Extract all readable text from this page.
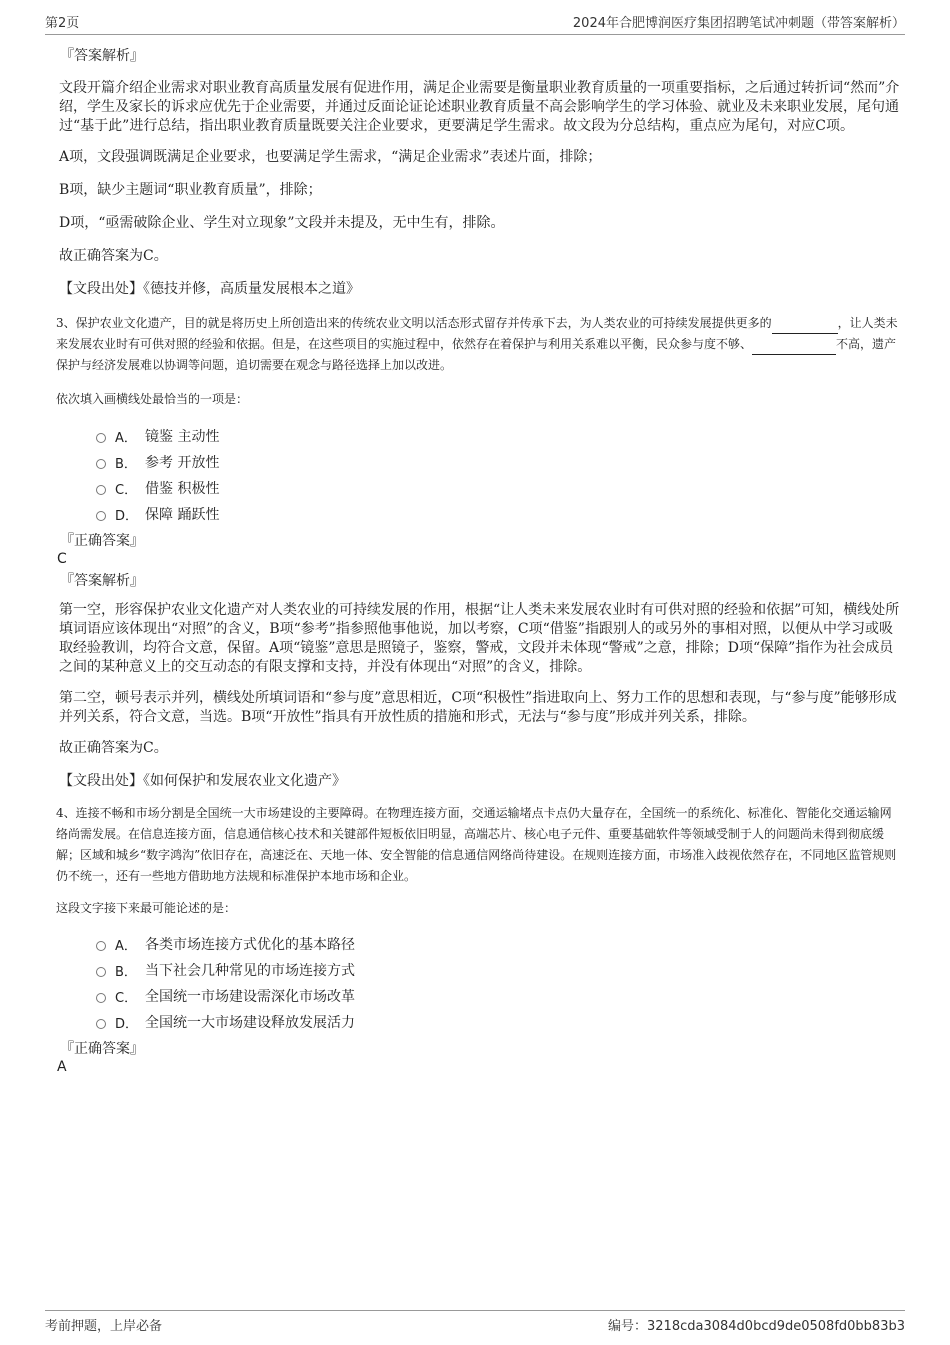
第2页	2024年合肥博润医疗集团招聘笔试冲刺题（带答案解析）
『答案解析』

文段开篇介绍企业需求对职业教育高质量发展有促进作用，满足企业需要是衡量职业教育质量的一项重要指标，之后通过转折词“然而”介绍，学生及家长的诉求应优先于企业需要，并通过反面论证论述职业教育质量不高会影响学生的学习体验、就业及未来职业发展，尾句通过“基于此”进行总结，指出职业教育质量既要关注企业要求，更要满足学生需求。故文段为分总结构，重点应为尾句，对应C项。

A项，文段强调既满足企业要求，也要满足学生需求，“满足企业需求”表述片面，排除；

B项，缺少主题词“职业教育质量”，排除；

D项，“亟需破除企业、学生对立现象”文段并未提及，无中生有，排除。

故正确答案为C。

【文段出处】《德技并修，高质量发展根本之道》

3、保护农业文化遗产，目的就是将历史上所创造出来的传统农业文明以活态形式留存并传承下去，为人类农业的可持续发展提供更多的	，让人类未来发展农业时有可供对照的经验和依据。但是，在这些项目的实施过程中，依然存在着保护与利用关系难以平衡，民众参与度不够、	不高，遗产保护与经济发展难以协调等问题，追切需要在观念与路径选择上加以改进。

依次填入画横线处最恰当的一项是：

A． 镜鉴 主动性
B． 参考 开放性
C． 借鉴 积极性
D． 保障 踊跃性
『正确答案』
C
『答案解析』

第一空，形容保护农业文化遗产对人类农业的可持续发展的作用，根据“让人类未来发展农业时有可供对照的经验和依据”可知，横线处所填词语应该体现出“对照”的含义，B项“参考”指参照他事他说，加以考察，C项“借鉴”指跟别人的或另外的事相对照，以便从中学习或吸取经验教训，均符合文意，保留。A项“镜鉴”意思是照镜子，鉴察，警戒，文段并未体现“警戒”之意，排除；D项“保障”指作为社会成员之间的某种意义上的交互动态的有限支撑和支持，并没有体现出“对照”的含义，排除。

第二空，顿号表示并列，横线处所填词语和“参与度”意思相近，C项“积极性”指进取向上、努力工作的思想和表现，与“参与度”能够形成并列关系，符合文意，当选。B项“开放性”指具有开放性质的措施和形式，无法与“参与度”形成并列关系，排除。

故正确答案为C。

【文段出处】《如何保护和发展农业文化遗产》

4、连接不畅和市场分割是全国统一大市场建设的主要障碍。在物理连接方面，交通运输堵点卡点仍大量存在，全国统一的系统化、标准化、智能化交通运输网络尚需发展。在信息连接方面，信息通信核心技术和关键部件短板依旧明显，高端芯片、核心电子元件、重要基础软件等领域受制于人的问题尚未得到彻底缓解；区域和城乡“数字鸿沟”依旧存在，高速泛在、天地一体、安全智能的信息通信网络尚待建设。在规则连接方面，市场准入歧视依然存在，不同地区监管规则仍不统一，还有一些地方借助地方法规和标准保护本地市场和企业。

这段文字接下来最可能论述的是：

A． 各类市场连接方式优化的基本路径
B． 当下社会几种常见的市场连接方式
C． 全国统一市场建设需深化市场改革
D． 全国统一大市场建设释放发展活力
『正确答案』
A
考前押题，上岸必备	编号：3218cda3084d0bcd9de0508fd0bb83b3
